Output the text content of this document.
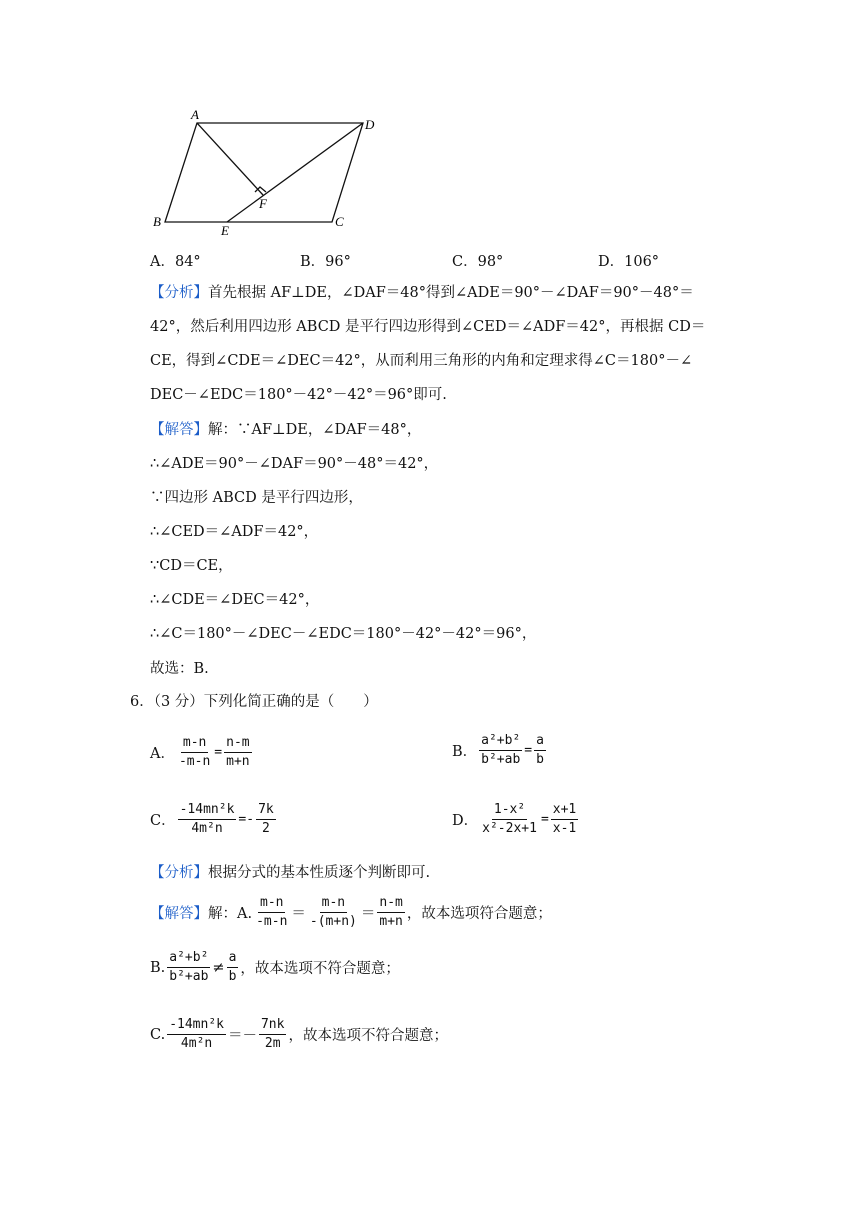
A
D
B	C
E
F
A．84°	B．96°	C．98°	D．106°
【分析】首先根据 AF⊥DE，∠DAF＝48°得到∠ADE＝90°－∠DAF＝90°－48°＝
42°，然后利用四边形 ABCD 是平行四边形得到∠CED＝∠ADF＝42°，再根据 CD＝
CE，得到∠CDE＝∠DEC＝42°，从而利用三角形的内角和定理求得∠C＝180°－∠
DEC－∠EDC＝180°－42°－42°＝96°即可.
【解答】解：∵AF⊥DE，∠DAF＝48°，
∴∠ADE＝90°－∠DAF＝90°－48°＝42°，
∵四边形 ABCD 是平行四边形，
∴∠CED＝∠ADF＝42°，
∵CD＝CE，
∴∠CDE＝∠DEC＝42°，
∴∠C＝180°－∠DEC－∠EDC＝180°－42°－42°＝96°，
故选：B.
6．（3 分）下列化简正确的是（　　）
A． $\frac{m-n}{-m-n} = \frac{n-m}{m+n}$	B． $\frac{\text{a²+b²}}{\text{b²+ab}} = \frac{a}{b}$
C． $\frac{\text{-14mn²k}}{\text{4m²n}} =- \frac{7k}{2}$	D． $\frac{\text{1-x²}}{\text{x²-2x+1}} = \frac{x+1}{x-1}$
【分析】根据分式的基本性质逐个判断即可.
【解答】 解：A. $\frac{m-n}{-m-n} = \frac{m-n}{-(m+n)} = \frac{n-m}{m+n}$ ，故本选项符合题意；
B. $\frac{\text{a²+b²}}{\text{b²+ab}} \ne \frac{a}{b}$ ，故本选项不符合题意；
C. $\frac{\text{-14mn²k}}{\text{4m²n}} =- \frac{7nk}{2m}$ ，故本选项不符合题意；
